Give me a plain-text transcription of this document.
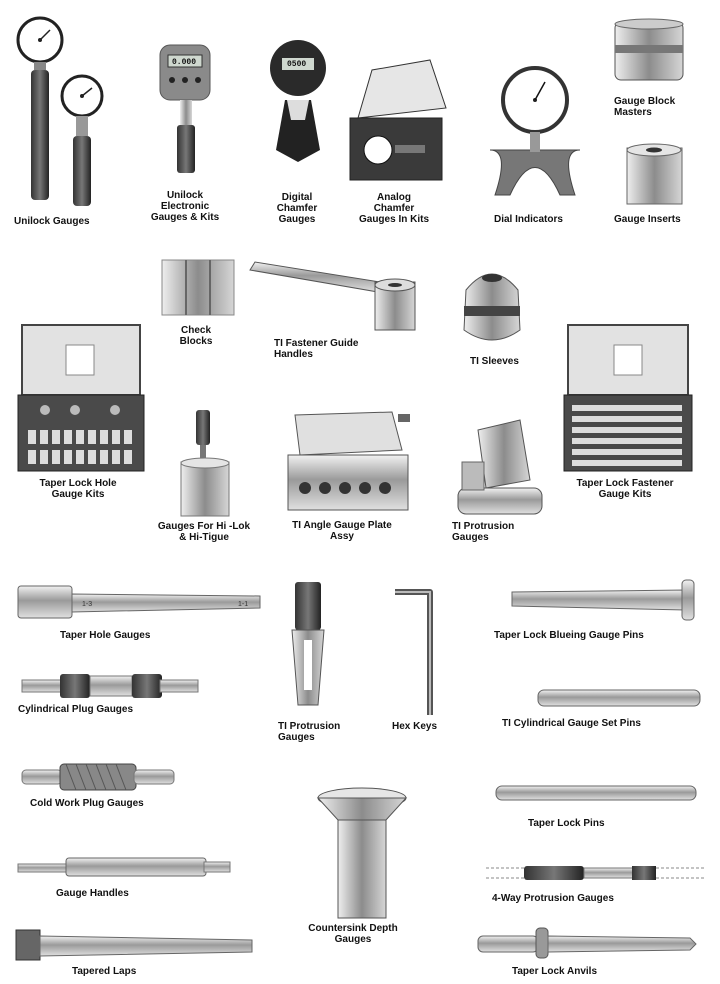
1-3	1-1
Unilock Gauges
Unilock
Electronic
Gauges & Kits
Digital
Chamfer
Gauges
Analog
Chamfer
Gauges In Kits	Dial Indicators
Gauge Block
Masters
Gauge Inserts
Check
Blocks	TI Fastener Guide
Handles
TI Sleeves
Taper Lock Hole
Gauge Kits
Gauges For Hi -Lok
& Hi-Tigue
TI Angle Gauge Plate
Assy
TI Protrusion
Gauges
Taper Lock Fastener
Gauge Kits
Taper Hole Gauges
TI Protrusion
Gauges
Hex Keys
Taper Lock Blueing Gauge Pins
Cylindrical Plug Gauges
TI Cylindrical Gauge Set Pins
Cold Work Plug Gauges
Taper Lock Pins
Gauge Handles
Countersink Depth
Gauges
4-Way Protrusion Gauges
Tapered Laps	Taper Lock Anvils
0500
0.000
